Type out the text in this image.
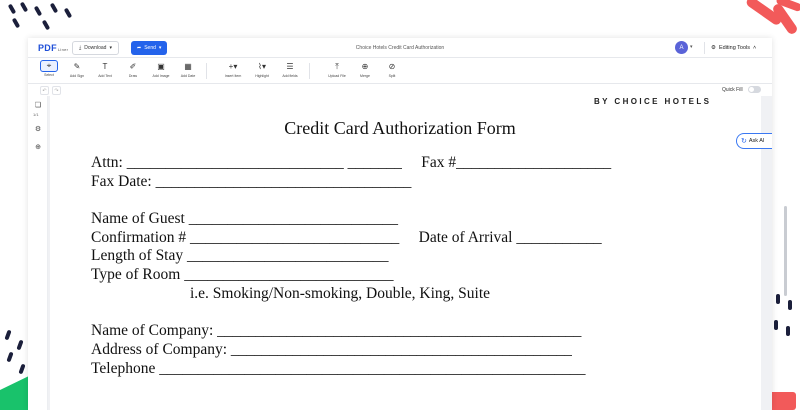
PDFLiner ⤓ Download ▾	➦ Send ▾	Choice Hotels Credit Card Authorization	A	▾	⚙ Editing Tools ˄
⌖
Select
✎
Add Sign
T
Add Text
✐
Draw
▣
Add Image
▦
Add Date
+▾
Insert Item
⌇▾
Highlight
☰
Add fields
⤒
Upload File
⊕
Merge
⊘
Split
↶	↷	Quick Fill
❏
1/1
⚙
⊕
BY CHOICE HOTELS
Credit Card Authorization Form
Attn: ____________________________ _______     Fax #____________________
Fax Date: _________________________________
Name of Guest ___________________________
Confirmation # ___________________________     Date of Arrival ___________
Length of Stay __________________________
Type of Room ___________________________
i.e. Smoking/Non-smoking, Double, King, Suite
Name of Company: _______________________________________________
Address of Company: ____________________________________________
Telephone _______________________________________________________
↻ Ask AI
